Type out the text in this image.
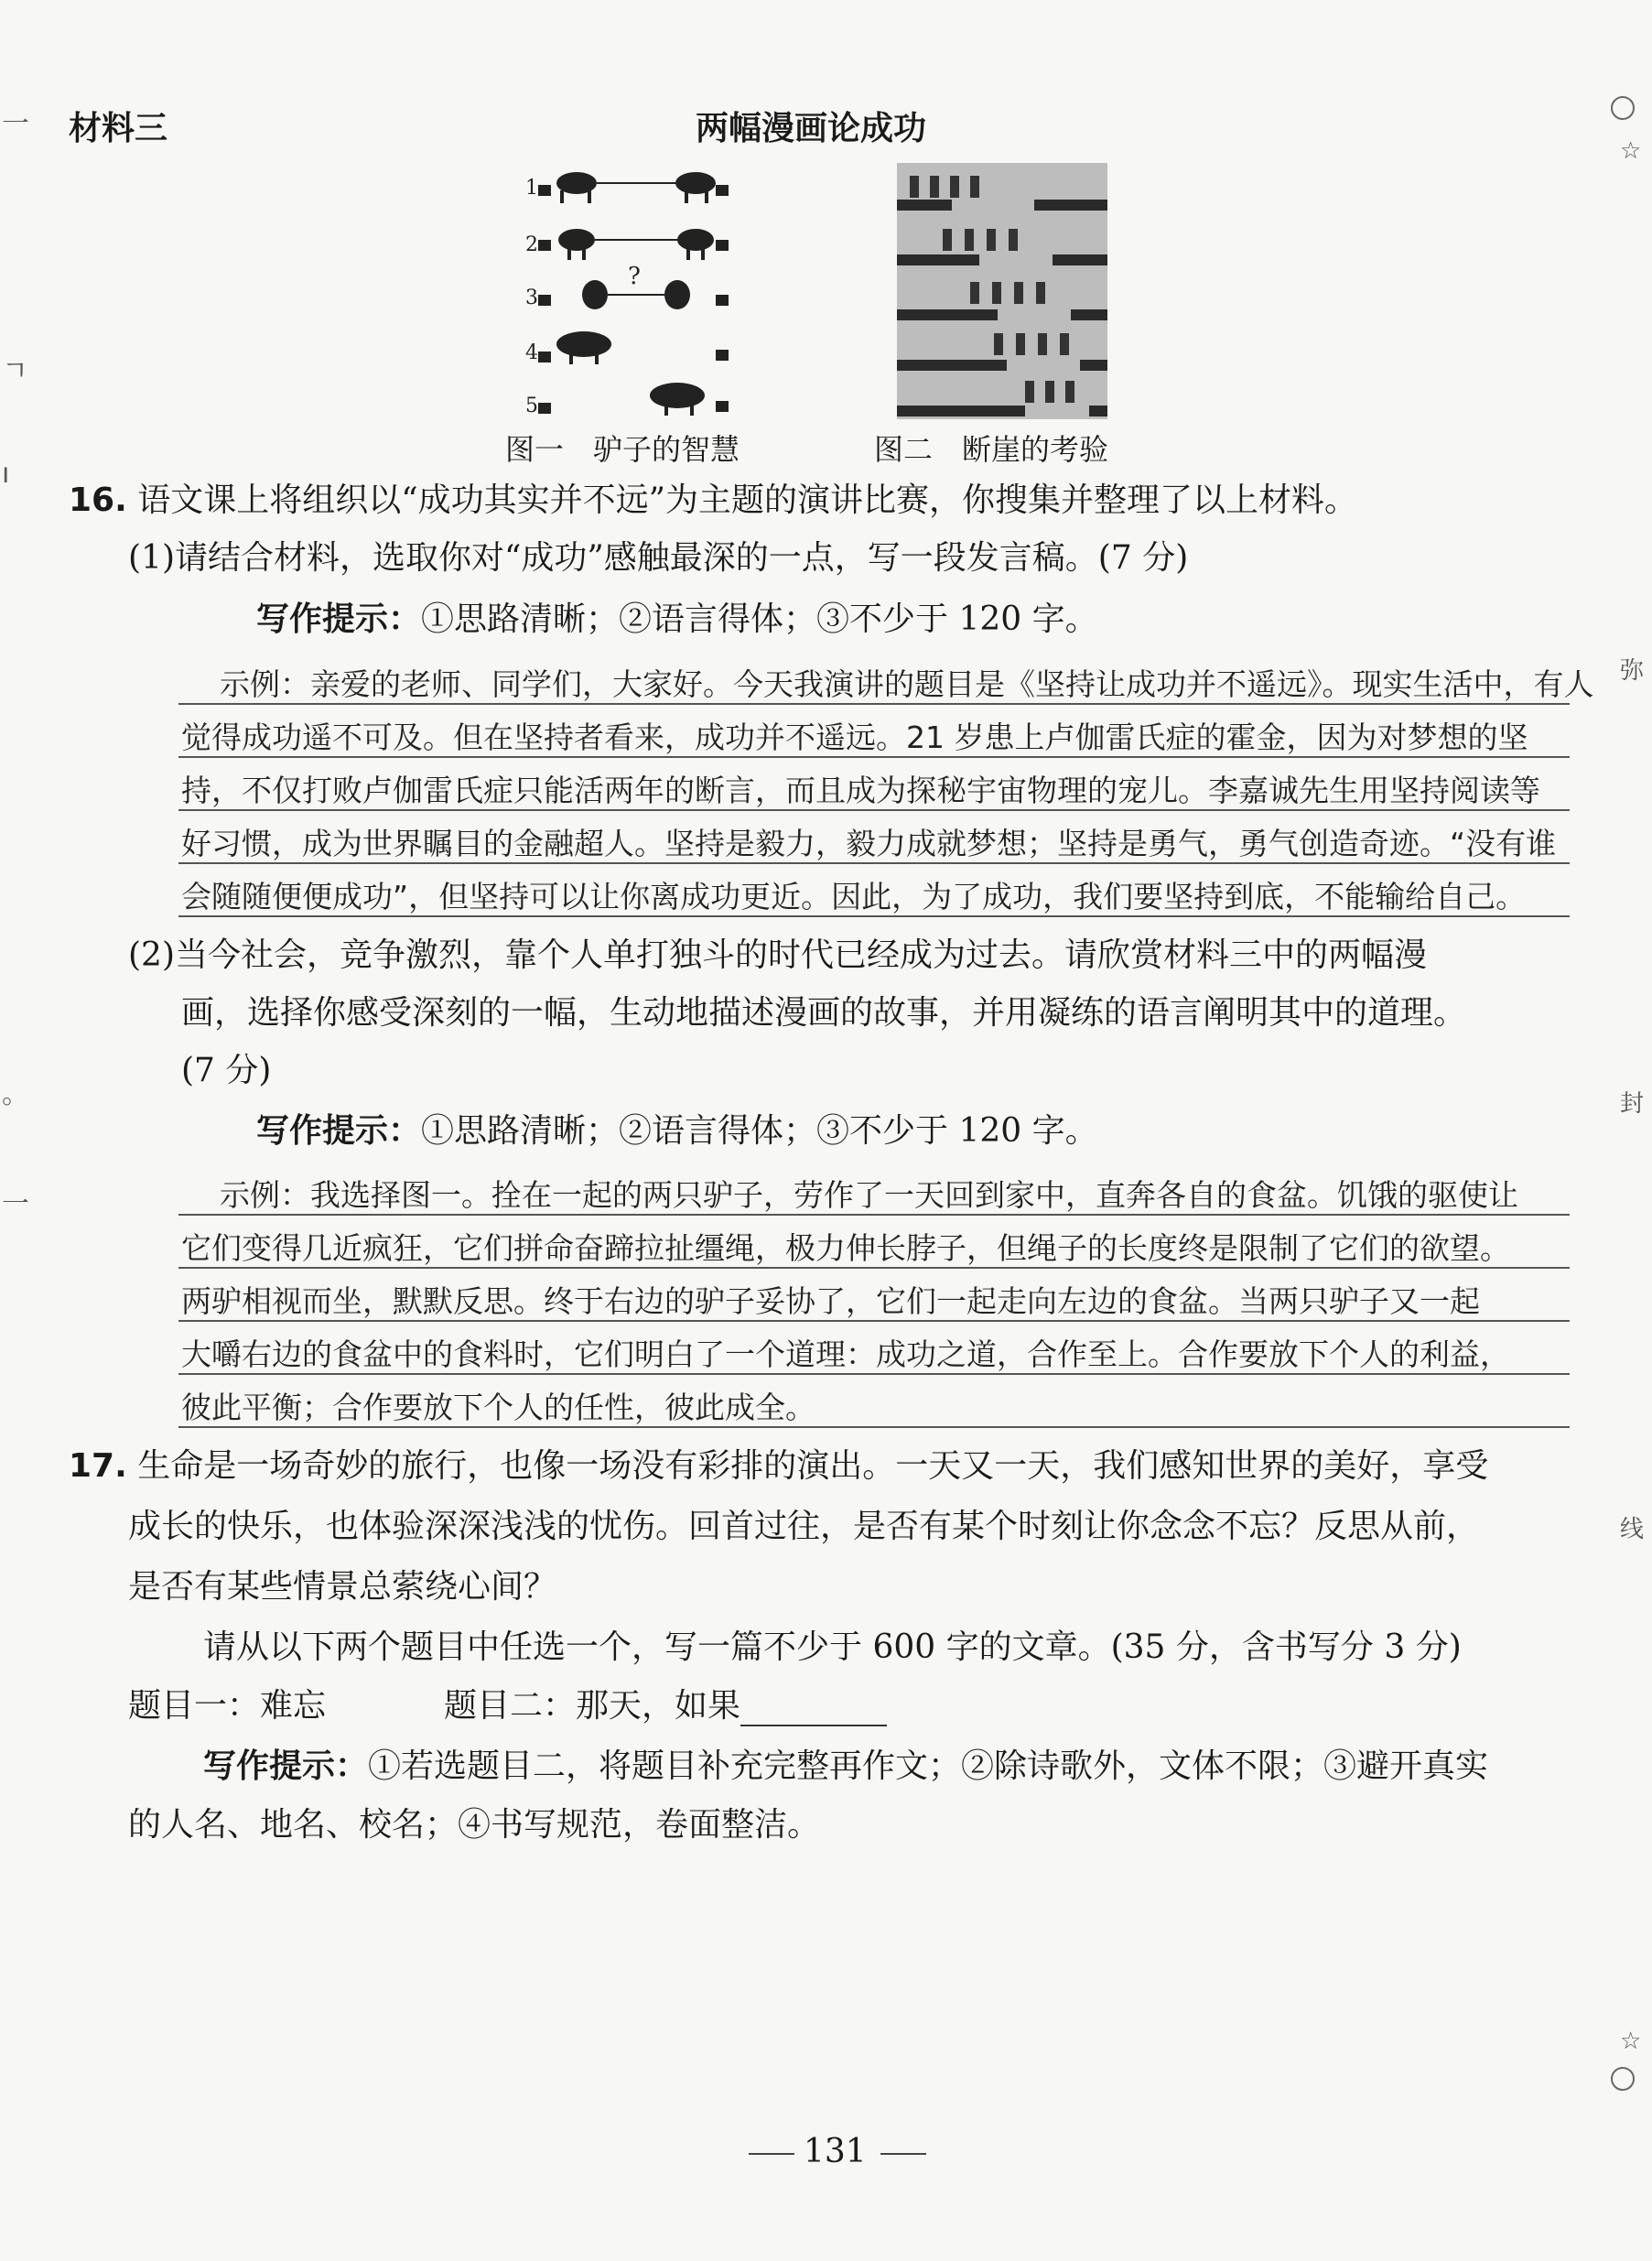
一
ㄱ
ı
。
一
☆
弥
封
线
☆
材料三	两幅漫画论成功
1
2
3
4
5
?
图一　驴子的智慧	图二　断崖的考验
16. 语文课上将组织以“成功其实并不远”为主题的演讲比赛，你搜集并整理了以上材料。
(1)请结合材料，选取你对“成功”感触最深的一点，写一段发言稿。(7 分)
写作提示：①思路清晰；②语言得体；③不少于 120 字。
示例：亲爱的老师、同学们，大家好。今天我演讲的题目是《坚持让成功并不遥远》。现实生活中，有人
觉得成功遥不可及。但在坚持者看来，成功并不遥远。21 岁患上卢伽雷氏症的霍金，因为对梦想的坚
持，不仅打败卢伽雷氏症只能活两年的断言，而且成为探秘宇宙物理的宠儿。李嘉诚先生用坚持阅读等
好习惯，成为世界瞩目的金融超人。坚持是毅力，毅力成就梦想；坚持是勇气，勇气创造奇迹。“没有谁
会随随便便成功”，但坚持可以让你离成功更近。因此，为了成功，我们要坚持到底，不能输给自己。
(2)当今社会，竞争激烈，靠个人单打独斗的时代已经成为过去。请欣赏材料三中的两幅漫
画，选择你感受深刻的一幅，生动地描述漫画的故事，并用凝练的语言阐明其中的道理。
(7 分)
写作提示：①思路清晰；②语言得体；③不少于 120 字。
示例：我选择图一。拴在一起的两只驴子，劳作了一天回到家中，直奔各自的食盆。饥饿的驱使让
它们变得几近疯狂，它们拼命奋蹄拉扯缰绳，极力伸长脖子，但绳子的长度终是限制了它们的欲望。
两驴相视而坐，默默反思。终于右边的驴子妥协了，它们一起走向左边的食盆。当两只驴子又一起
大嚼右边的食盆中的食料时，它们明白了一个道理：成功之道，合作至上。合作要放下个人的利益，
彼此平衡；合作要放下个人的任性，彼此成全。
17. 生命是一场奇妙的旅行，也像一场没有彩排的演出。一天又一天，我们感知世界的美好，享受
成长的快乐，也体验深深浅浅的忧伤。回首过往，是否有某个时刻让你念念不忘？反思从前，
是否有某些情景总萦绕心间？
请从以下两个题目中任选一个，写一篇不少于 600 字的文章。(35 分，含书写分 3 分)
题目一：难忘	题目二：那天，如果
写作提示：①若选题目二，将题目补充完整再作文；②除诗歌外，文体不限；③避开真实
的人名、地名、校名；④书写规范，卷面整洁。
131
